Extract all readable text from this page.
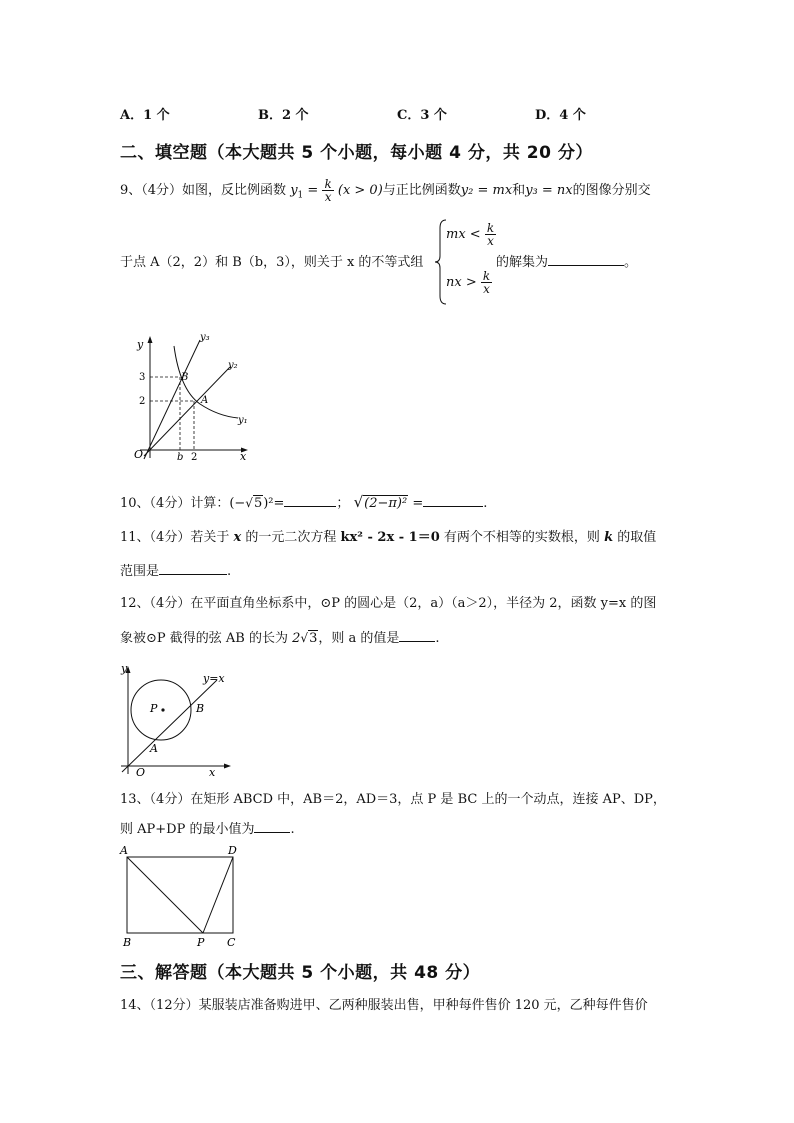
A．1 个	B．2 个	C．3 个	D．4 个
二、填空题（本大题共 5 个小题，每小题 4 分，共 20 分）
9、（4分）如图，反比例函数 $y_1 = \frac{k}{x} (x > 0)$与正比例函数y₂ = mx和y₃ = nx的图像分别交
于点 A（2，2）和 B（b，3），则关于 x 的不等式组
mx < $\frac{k}{x}$
nx > $\frac{k}{x}$
的解集为	。
y
x
O
y₃
y₂
y₁
B
A
3
2
b 2
10、（4分）计算：(−√5)²=	； √(2−π)² =	.
11、（4分）若关于 x 的一元二次方程 kx² - 2x - 1＝0 有两个不相等的实数根，则 k 的取值
范围是	.
12、（4分）在平面直角坐标系中，⊙P 的圆心是（2，a）（a＞2），半径为 2，函数 y=x 的图
象被⊙P 截得的弦 AB 的长为 2√3，则 a 的值是	.
y
x
O
y=x
P
A
B
13、（4分）在矩形 ABCD 中，AB＝2，AD＝3，点 P 是 BC 上的一个动点，连接 AP、DP，
则 AP+DP 的最小值为	.
A	D
B	P C
三、解答题（本大题共 5 个小题，共 48 分）
14、（12分）某服装店准备购进甲、乙两种服装出售，甲种每件售价 120 元，乙种每件售价
